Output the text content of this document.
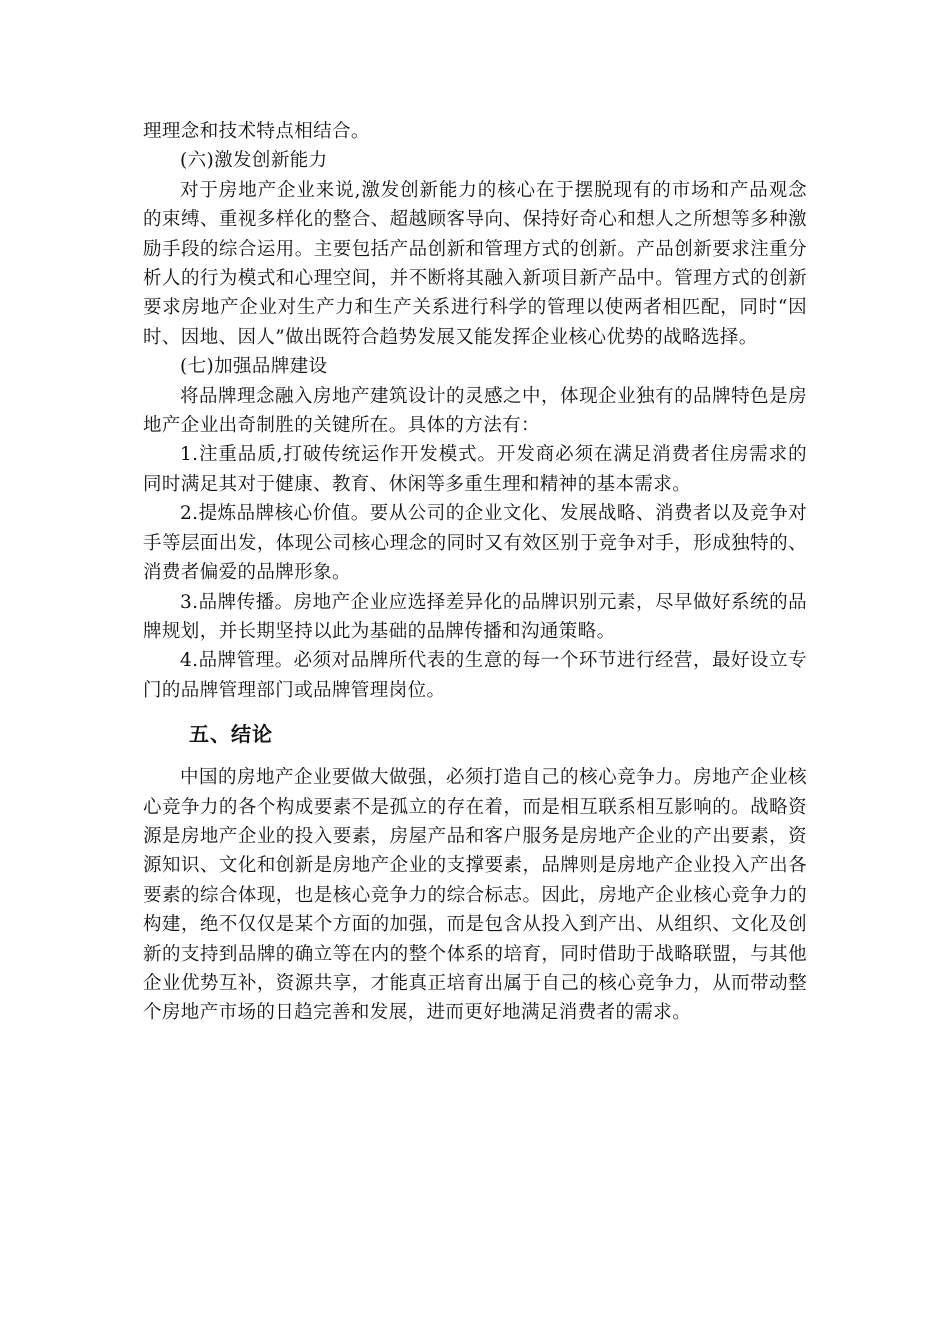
理理念和技术特点相结合。

(六)激发创新能力

对于房地产企业来说,激发创新能力的核心在于摆脱现有的市场和产品观念的束缚、重视多样化的整合、超越顾客导向、保持好奇心和想人之所想等多种激励手段的综合运用。主要包括产品创新和管理方式的创新。产品创新要求注重分析人的行为模式和心理空间，并不断将其融入新项目新产品中。管理方式的创新要求房地产企业对生产力和生产关系进行科学的管理以使两者相匹配，同时“因时、因地、因人”做出既符合趋势发展又能发挥企业核心优势的战略选择。

(七)加强品牌建设

将品牌理念融入房地产建筑设计的灵感之中，体现企业独有的品牌特色是房地产企业出奇制胜的关键所在。具体的方法有：

1.注重品质,打破传统运作开发模式。开发商必须在满足消费者住房需求的同时满足其对于健康、教育、休闲等多重生理和精神的基本需求。

2.提炼品牌核心价值。要从公司的企业文化、发展战略、消费者以及竞争对手等层面出发，体现公司核心理念的同时又有效区别于竞争对手，形成独特的、消费者偏爱的品牌形象。

3.品牌传播。房地产企业应选择差异化的品牌识别元素，尽早做好系统的品牌规划，并长期坚持以此为基础的品牌传播和沟通策略。

4.品牌管理。必须对品牌所代表的生意的每一个环节进行经营，最好设立专门的品牌管理部门或品牌管理岗位。

五、结论

中国的房地产企业要做大做强，必须打造自己的核心竞争力。房地产企业核心竞争力的各个构成要素不是孤立的存在着，而是相互联系相互影响的。战略资源是房地产企业的投入要素，房屋产品和客户服务是房地产企业的产出要素，资源知识、文化和创新是房地产企业的支撑要素，品牌则是房地产企业投入产出各要素的综合体现，也是核心竞争力的综合标志。因此，房地产企业核心竞争力的构建，绝不仅仅是某个方面的加强，而是包含从投入到产出、从组织、文化及创新的支持到品牌的确立等在内的整个体系的培育，同时借助于战略联盟，与其他企业优势互补，资源共享，才能真正培育出属于自己的核心竞争力，从而带动整个房地产市场的日趋完善和发展，进而更好地满足消费者的需求。
